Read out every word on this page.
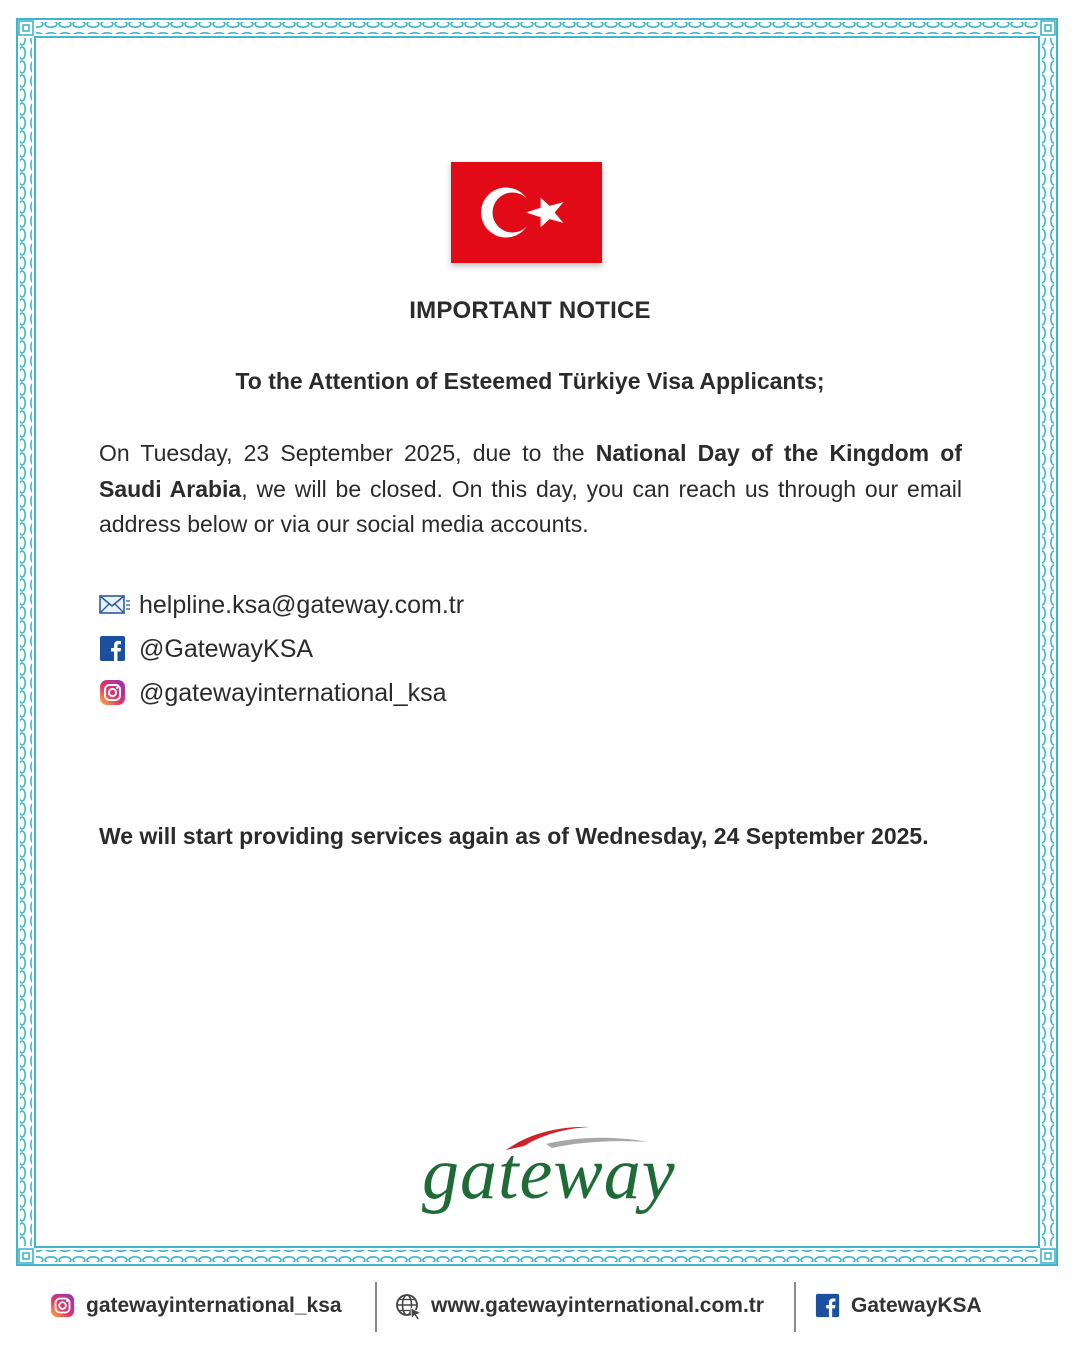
IMPORTANT NOTICE
To the Attention of Esteemed Türkiye Visa Applicants;
On Tuesday, 23 September 2025, due to the National Day of the Kingdom of Saudi Arabia, we will be closed. On this day, you can reach us through our email address below or via our social media accounts.
helpline.ksa@gateway.com.tr
@GatewayKSA
@gatewayinternational_ksa
We will start providing services again as of Wednesday, 24 September 2025.
gateway
gatewayinternational_ksa	www.gatewayinternational.com.tr	GatewayKSA
